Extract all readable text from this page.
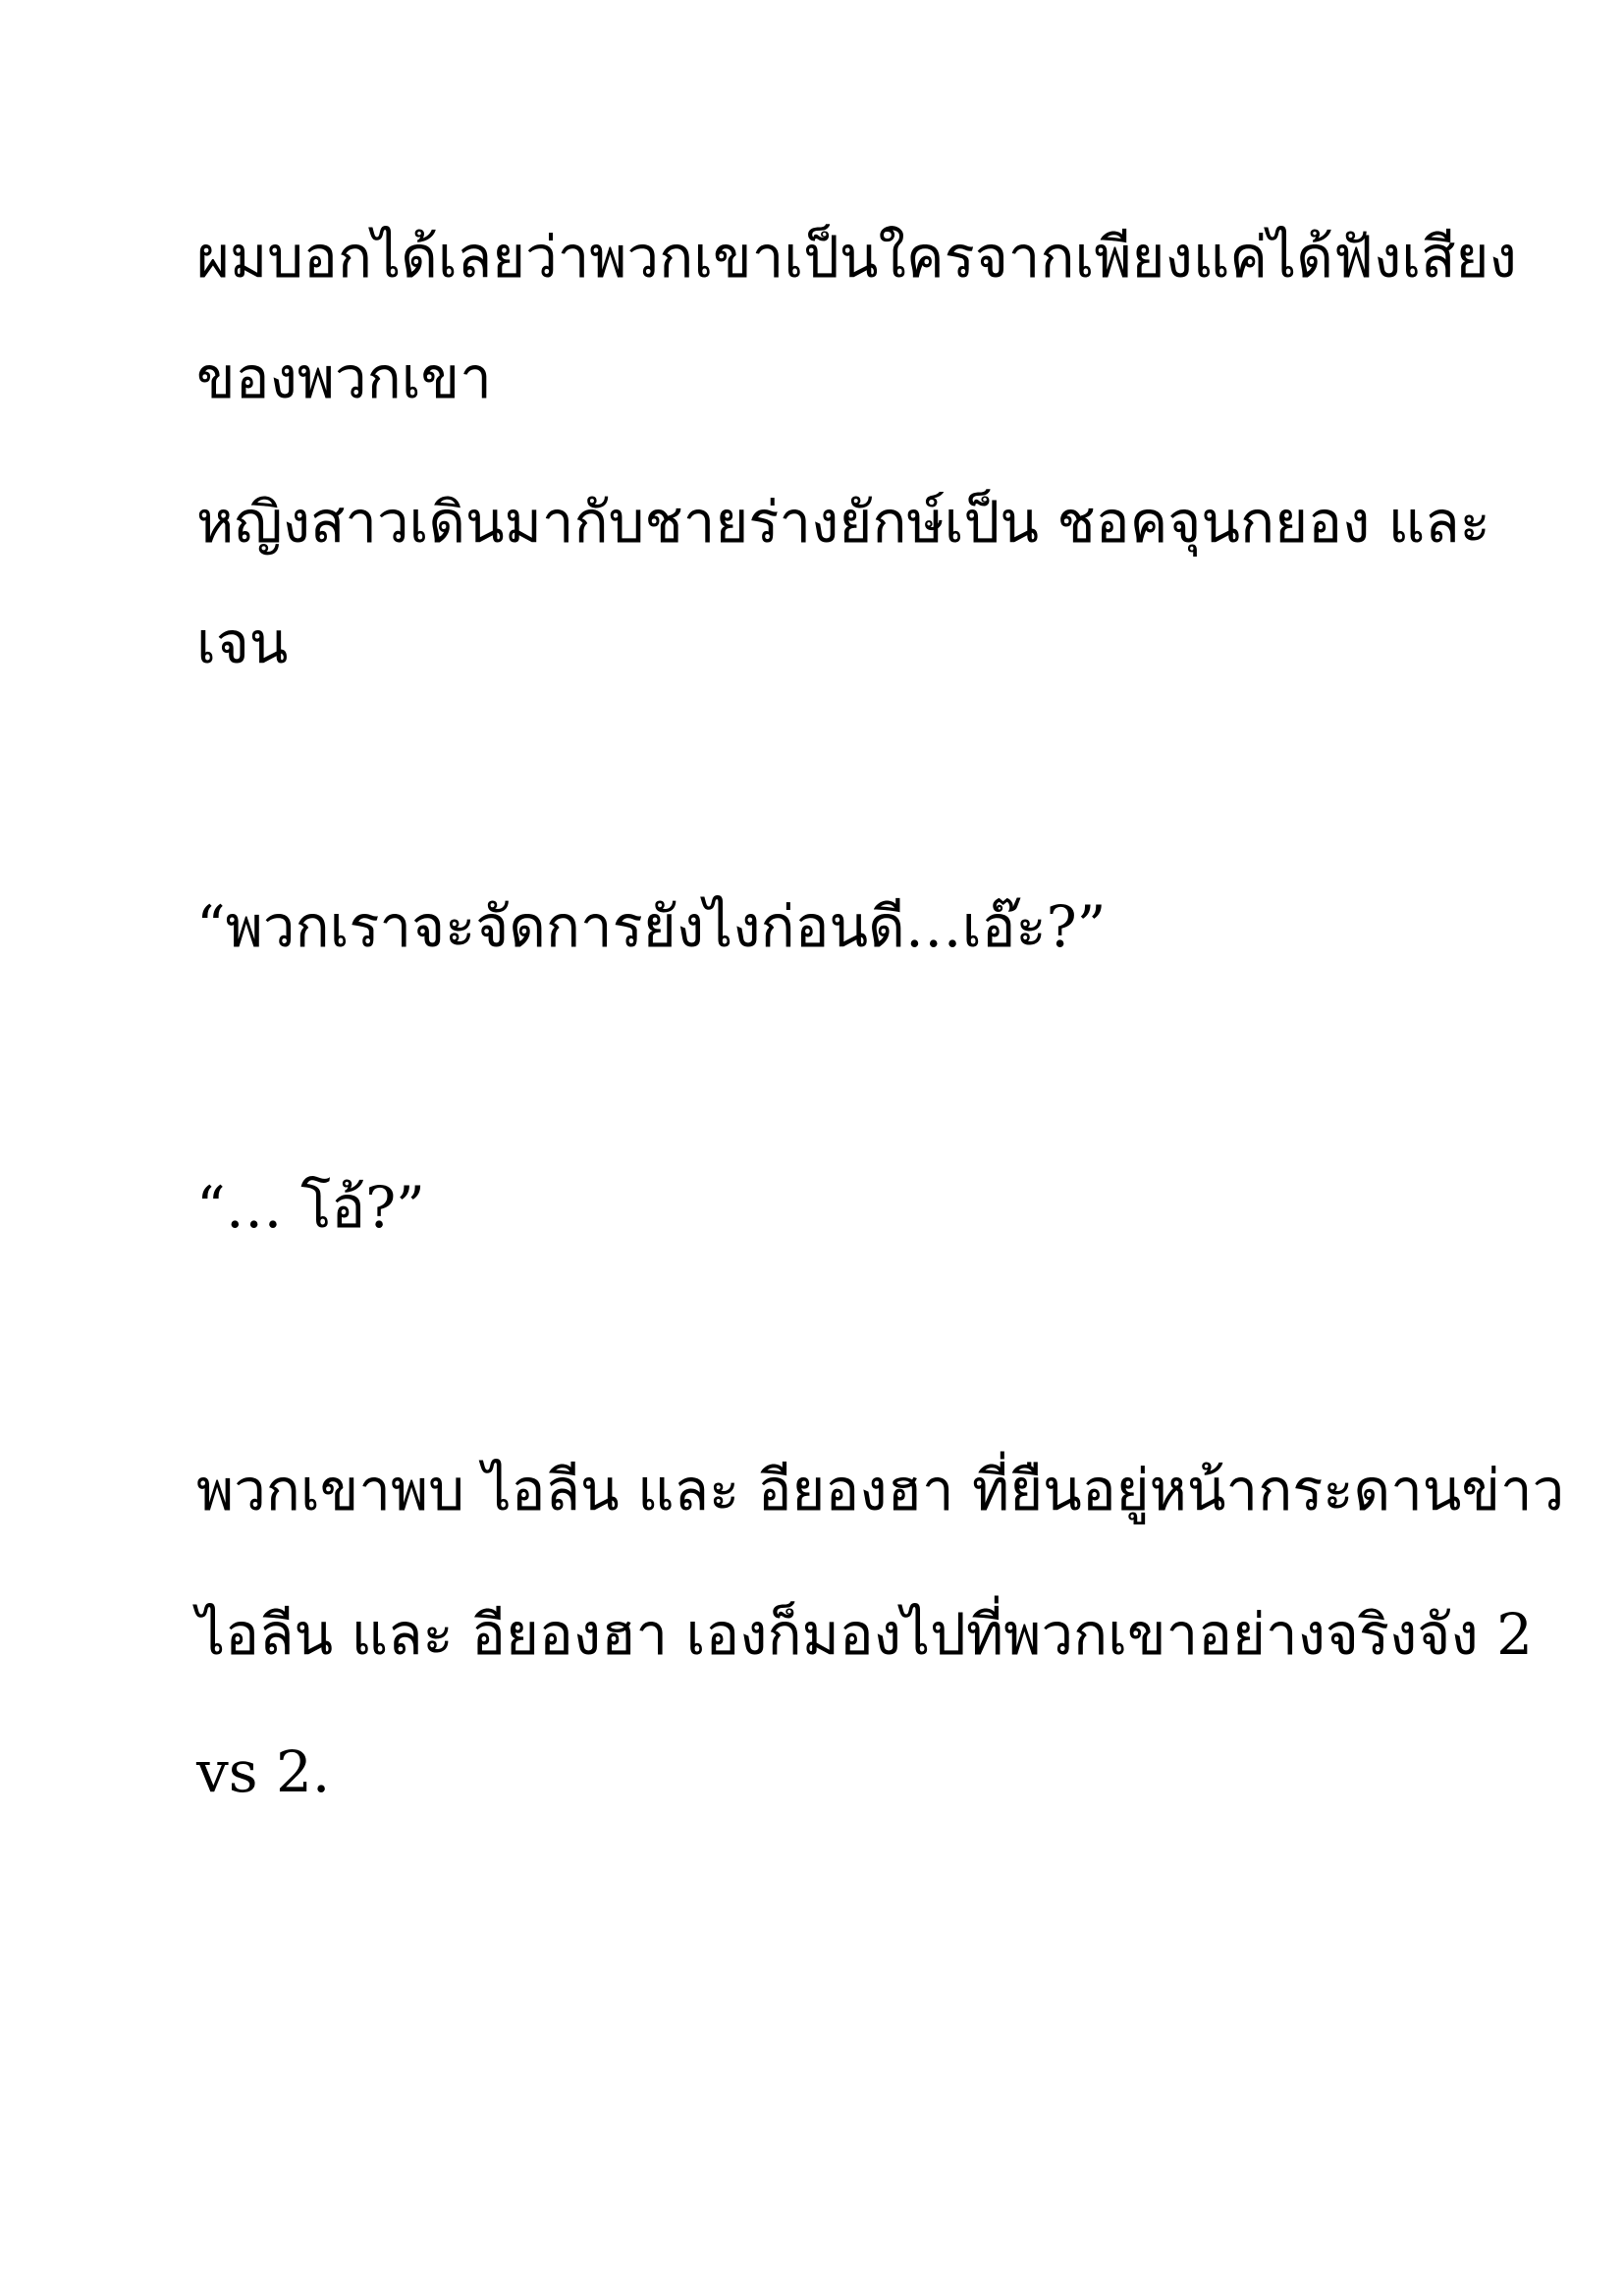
ผมบอกได้เลยว่าพวกเขาเป็นใครจากเพียงแค่ได้ฟังเสียง
ของพวกเขา
หญิงสาวเดินมากับชายร่างยักษ์เป็น ชอคจุนกยอง และ
เจน
“พวกเราจะจัดการยังไงก่อนดี…เอ๊ะ?”
“… โอ้?”
พวกเขาพบ ไอลีน และ อียองฮา ที่ยืนอยู่หน้ากระดานข่าว
ไอลีน และ อียองฮา เองก็มองไปที่พวกเขาอย่างจริงจัง 2
vs 2.
